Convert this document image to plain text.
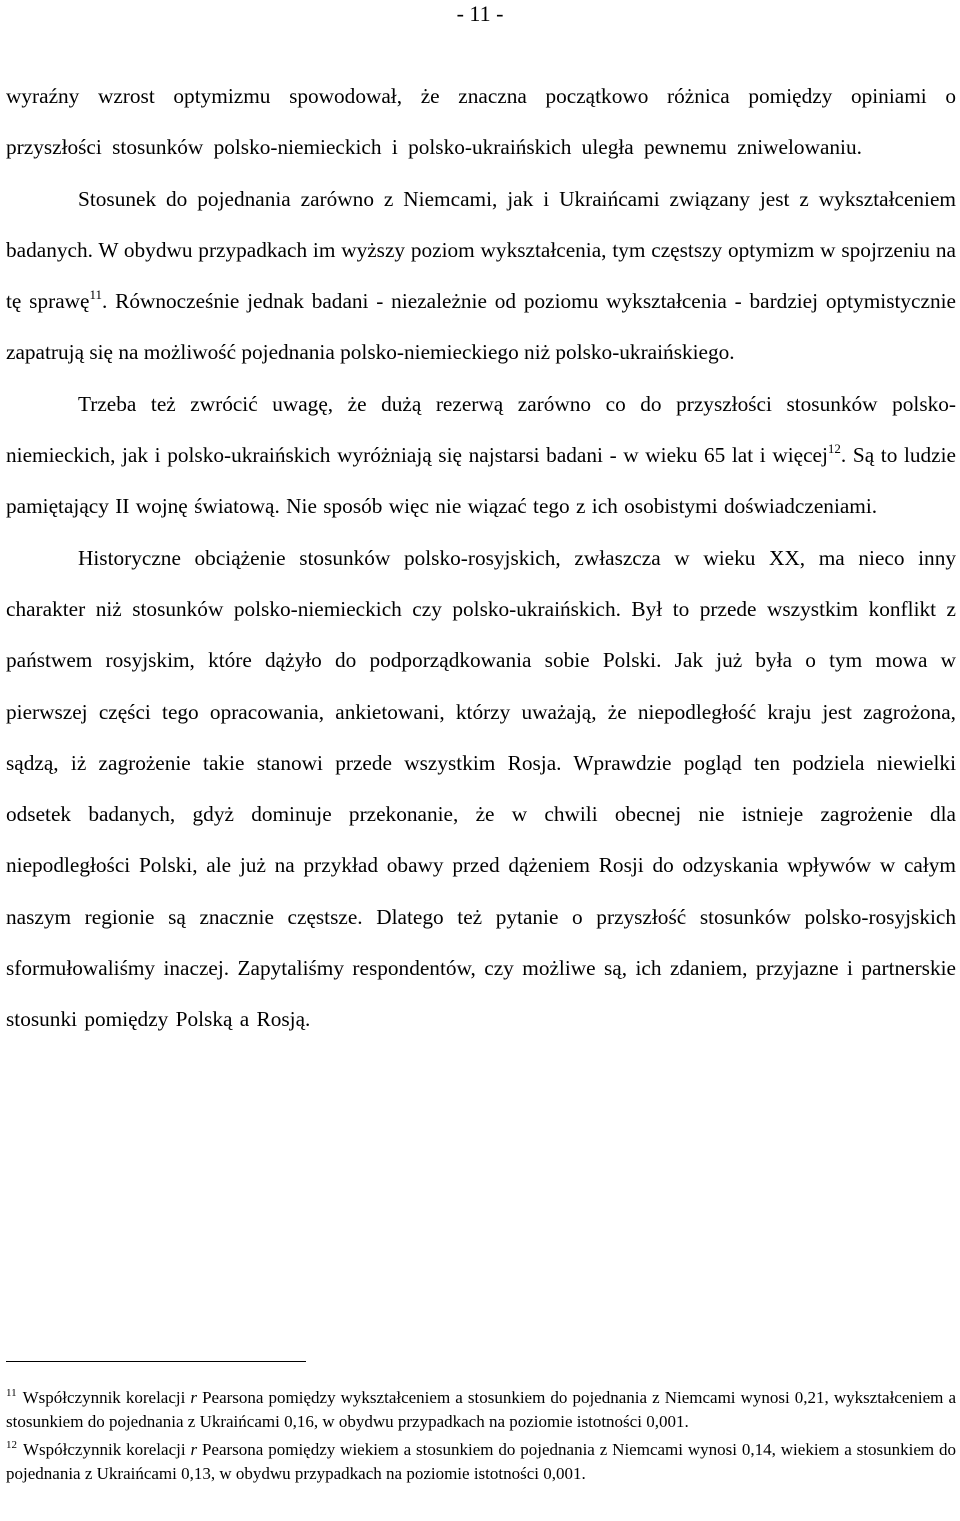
- 11 -

wyraźny wzrost optymizmu spowodował, że znaczna początkowo różnica pomiędzy opiniami o przyszłości stosunków polsko-niemieckich i polsko-ukraińskich uległa pewnemu zniwelowaniu.

Stosunek do pojednania zarówno z Niemcami, jak i Ukraińcami związany jest z wykształceniem badanych. W obydwu przypadkach im wyższy poziom wykształcenia, tym częstszy optymizm w spojrzeniu na tę sprawę$^{11}$. Równocześnie jednak badani - niezależnie od poziomu wykształcenia - bardziej optymistycznie zapatrują się na możliwość pojednania polsko-niemieckiego niż polsko-ukraińskiego.

Trzeba też zwrócić uwagę, że dużą rezerwą zarówno co do przyszłości stosunków polsko-niemieckich, jak i polsko-ukraińskich wyróżniają się najstarsi badani - w wieku 65 lat i więcej$^{12}$. Są to ludzie pamiętający II wojnę światową. Nie sposób więc nie wiązać tego z ich osobistymi doświadczeniami.

Historyczne obciążenie stosunków polsko-rosyjskich, zwłaszcza w wieku XX, ma nieco inny charakter niż stosunków polsko-niemieckich czy polsko-ukraińskich. Był to przede wszystkim konflikt z państwem rosyjskim, które dążyło do podporządkowania sobie Polski. Jak już była o tym mowa w pierwszej części tego opracowania, ankietowani, którzy uważają, że niepodległość kraju jest zagrożona, sądzą, iż zagrożenie takie stanowi przede wszystkim Rosja. Wprawdzie pogląd ten podziela niewielki odsetek badanych, gdyż dominuje przekonanie, że w chwili obecnej nie istnieje zagrożenie dla niepodległości Polski, ale już na przykład obawy przed dążeniem Rosji do odzyskania wpływów w całym naszym regionie są znacznie częstsze. Dlatego też pytanie o przyszłość stosunków polsko-rosyjskich sformułowaliśmy inaczej. Zapytaliśmy respondentów, czy możliwe są, ich zdaniem, przyjazne i partnerskie stosunki pomiędzy Polską a Rosją.

$^{11}$ Współczynnik korelacji r Pearsona pomiędzy wykształceniem a stosunkiem do pojednania z Niemcami wynosi 0,21, wykształceniem a stosunkiem do pojednania z Ukraińcami 0,16, w obydwu przypadkach na poziomie istotności 0,001.

$^{12}$ Współczynnik korelacji r Pearsona pomiędzy wiekiem a stosunkiem do pojednania z Niemcami wynosi 0,14, wiekiem a stosunkiem do pojednania z Ukraińcami 0,13, w obydwu przypadkach na poziomie istotności 0,001.
